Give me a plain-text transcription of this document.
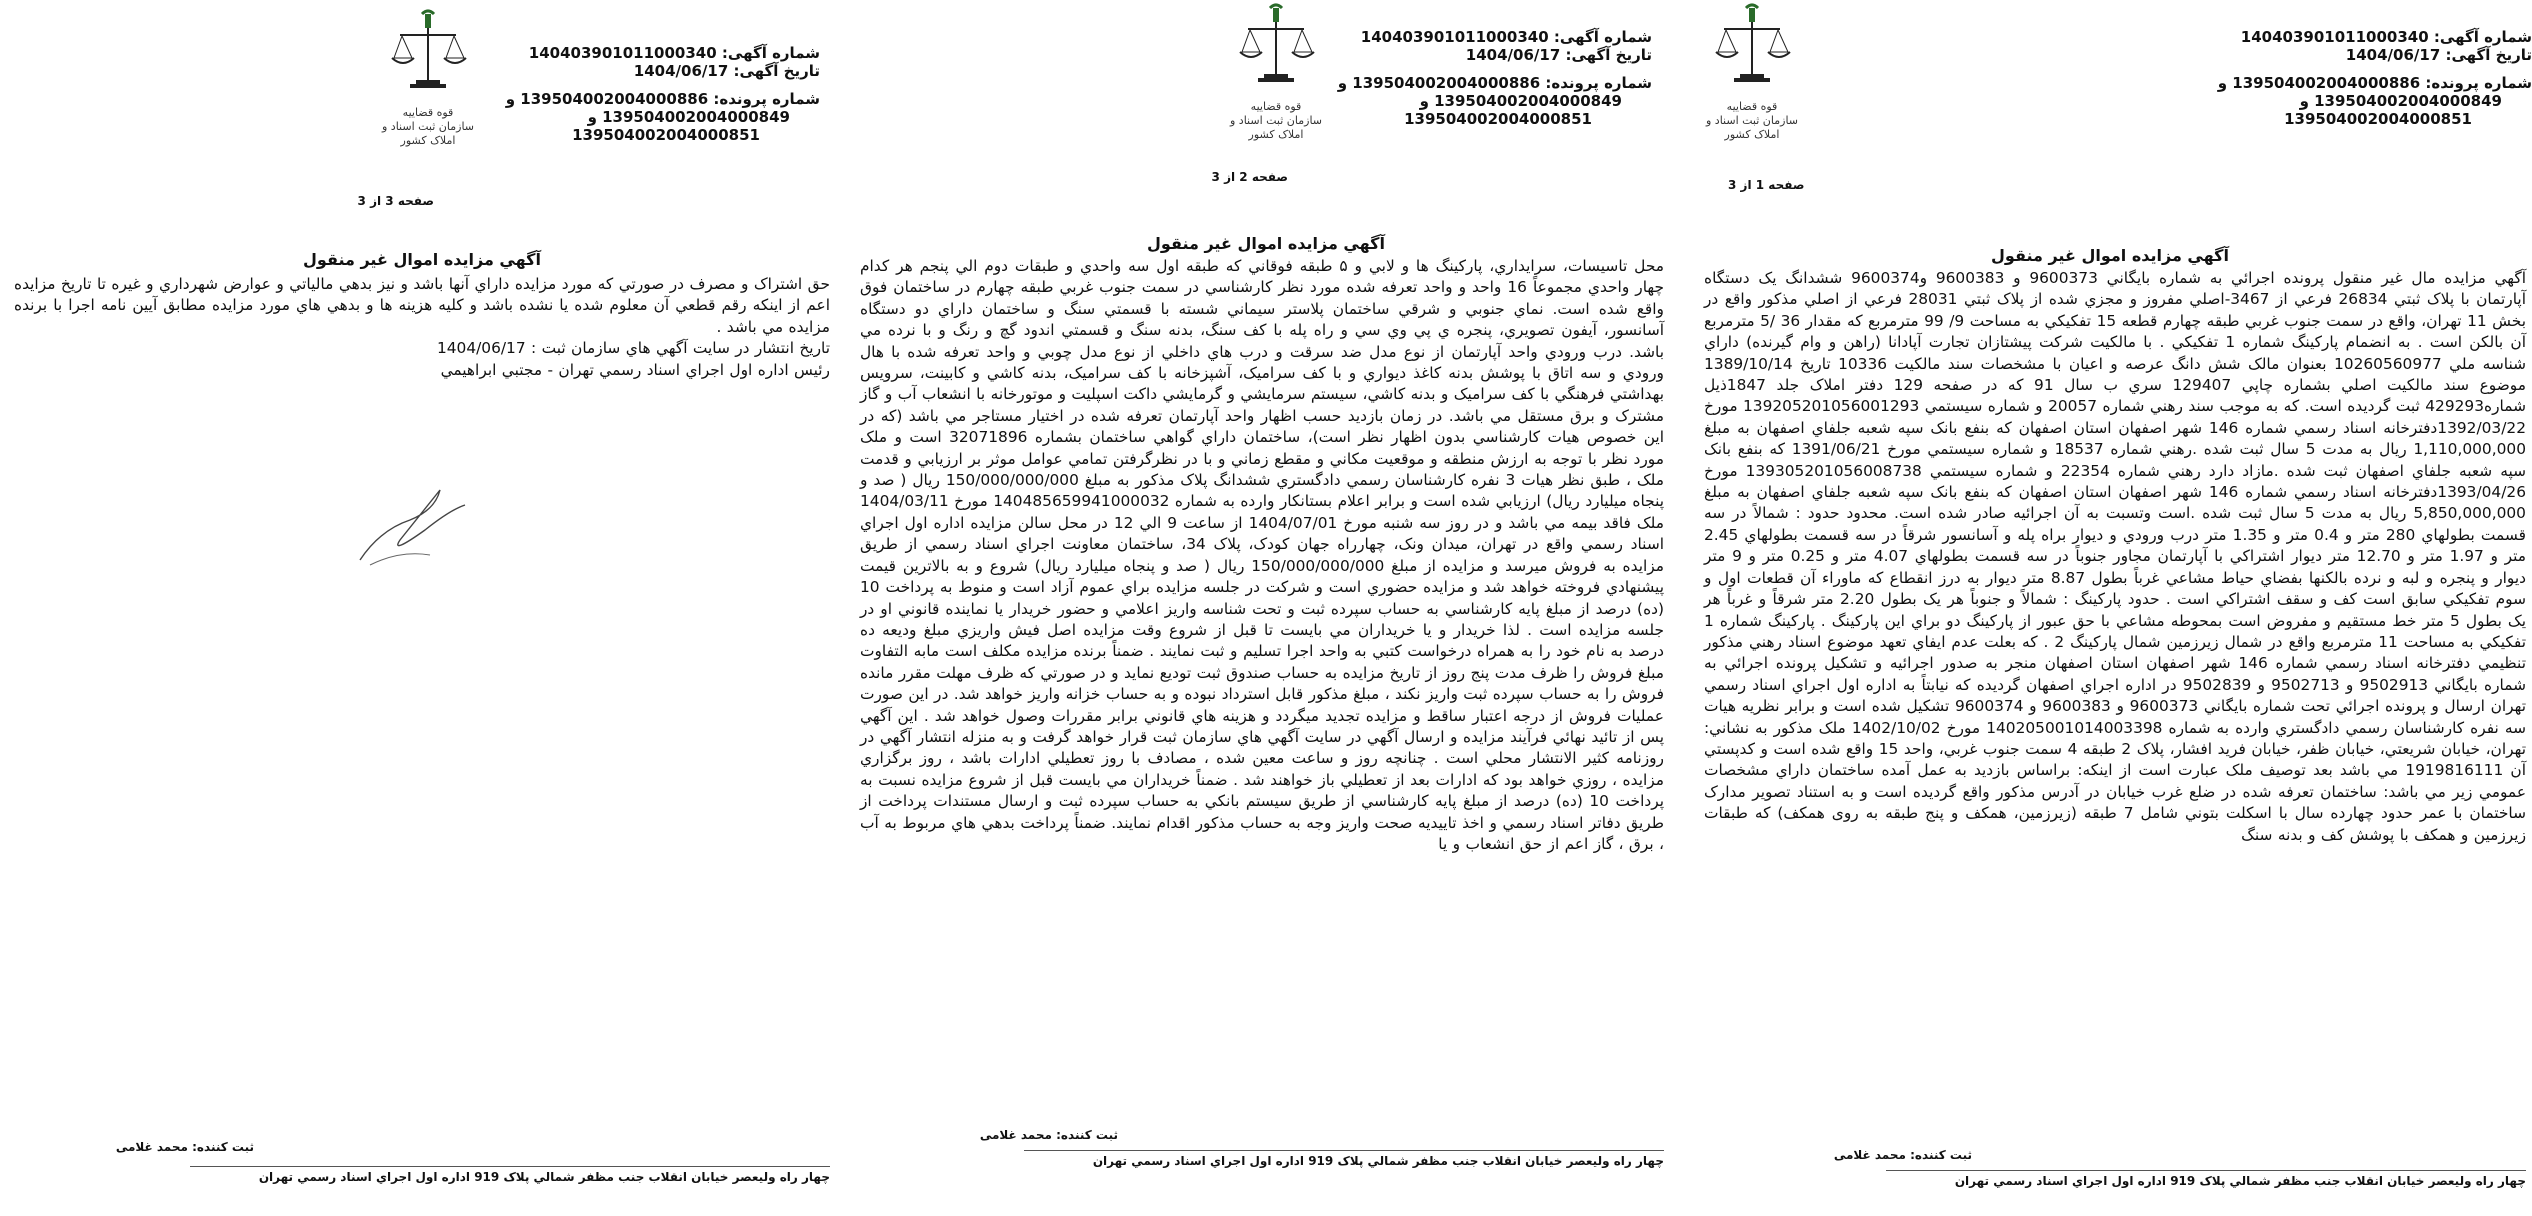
شماره آگهی: 140403901011000340
تاریخ آگهی: 1404/06/17
شماره پرونده: 139504002004000886 و
139504002004000849 و
139504002004000851
قوه قضاییه
سازمان ثبت اسناد و املاک کشور
صفحه 3 از 3
آگهي مزايده اموال غير منقول
حق اشتراک و مصرف در صورتي که مورد مزايده داراي آنها باشد و نيز بدهي مالياتي و عوارض شهرداري و غيره تا تاريخ مزايده اعم از اينکه رقم قطعي آن معلوم شده يا نشده باشد و کليه هزينه ها و بدهي هاي مورد مزايده مطابق آيين نامه اجرا با برنده مزايده مي باشد .
تاريخ انتشار در سايت آگهي هاي سازمان ثبت : 1404/06/17
رئيس اداره اول اجراي اسناد رسمي تهران - مجتبي ابراهيمي
ثبت کننده: محمد غلامی
چهار راه وليعصر خيابان انقلاب جنب مظفر شمالي پلاک 919 اداره اول اجراي اسناد رسمي تهران
شماره آگهی: 140403901011000340
تاریخ آگهی: 1404/06/17
شماره پرونده: 139504002004000886 و
139504002004000849 و
139504002004000851
قوه قضاییه
سازمان ثبت اسناد و املاک کشور
صفحه 2 از 3
آگهي مزايده اموال غير منقول
محل تاسيسات، سرايداري، پارکينگ ها و لابي و ۵ طبقه فوقاني که طبقه اول سه واحدي و طبقات دوم الي پنجم هر کدام چهار واحدي مجموعاً 16 واحد و واحد تعرفه شده مورد نظر کارشناسي در سمت جنوب غربي طبقه چهارم در ساختمان فوق واقع شده است. نماي جنوبي و شرقي ساختمان پلاستر سيماني شسته با قسمتي سنگ و ساختمان داراي دو دستگاه آسانسور، آيفون تصويري، پنجره ي پي وي سي و راه پله با کف سنگ، بدنه سنگ و قسمتي اندود گچ و رنگ و با نرده مي باشد. درب ورودي واحد آپارتمان از نوع مدل ضد سرقت و درب هاي داخلي از نوع مدل چوبي و واحد تعرفه شده با هال ورودي و سه اتاق با پوشش بدنه کاغذ ديواري و با کف سراميک، آشپزخانه با کف سراميک، بدنه کاشي و کابينت، سرويس بهداشتي فرهنگي با کف سراميک و بدنه کاشي، سيستم سرمايشي و گرمايشي داکت اسپليت و موتورخانه با انشعاب آب و گاز مشترک و برق مستقل مي باشد. در زمان بازديد حسب اظهار واحد آپارتمان تعرفه شده در اختيار مستاجر مي باشد (که در اين خصوص هيات کارشناسي بدون اظهار نظر است)، ساختمان داراي گواهي ساختمان بشماره 32071896 است و ملک مورد نظر با توجه به ارزش منطقه و موقعيت مکاني و مقطع زماني و با در نظرگرفتن تمامي عوامل موثر بر ارزيابي و قدمت ملک ، طبق نظر هيات 3 نفره کارشناسان رسمي دادگستري ششدانگ پلاک مذکور به مبلغ 150/000/000/000 ريال ( صد و پنجاه ميليارد ريال) ارزيابي شده است و برابر اعلام بستانکار وارده به شماره 140485659941000032 مورخ 1404/03/11 ملک فاقد بيمه مي باشد و در روز سه شنبه مورخ 1404/07/01 از ساعت 9 الي 12 در محل سالن مزايده اداره اول اجراي اسناد رسمي واقع در تهران، ميدان ونک، چهارراه جهان کودک، پلاک 34، ساختمان معاونت اجراي اسناد رسمي از طريق مزايده به فروش ميرسد و مزايده از مبلغ 150/000/000/000 ريال ( صد و پنجاه ميليارد ريال) شروع و به بالاترين قيمت پيشنهادي فروخته خواهد شد و مزايده حضوري است و شرکت در جلسه مزايده براي عموم آزاد است و منوط به پرداخت 10 (ده) درصد از مبلغ پايه کارشناسي به حساب سپرده ثبت و تحت شناسه واريز اعلامي و حضور خريدار يا نماينده قانوني او در جلسه مزايده است . لذا خريدار و يا خريداران مي بايست تا قبل از شروع وقت مزايده اصل فيش واريزي مبلغ وديعه ده درصد به نام خود را به همراه درخواست کتبي به واحد اجرا تسليم و ثبت نمايند . ضمناً برنده مزايده مکلف است مابه التفاوت مبلغ فروش را ظرف مدت پنج روز از تاريخ مزايده به حساب صندوق ثبت توديع نمايد و در صورتي که ظرف مهلت مقرر مانده فروش را به حساب سپرده ثبت واريز نکند ، مبلغ مذکور قابل استرداد نبوده و به حساب خزانه واريز خواهد شد. در اين صورت عمليات فروش از درجه اعتبار ساقط و مزايده تجديد ميگردد و هزينه هاي قانوني برابر مقررات وصول خواهد شد . اين آگهي پس از تائيد نهائي فرآيند مزايده و ارسال آگهي در سايت آگهي هاي سازمان ثبت قرار خواهد گرفت و به منزله انتشار آگهي در روزنامه کثير الانتشار محلي است . چنانچه روز و ساعت معين شده ، مصادف با روز تعطيلي ادارات باشد ، روز برگزاري مزايده ، روزي خواهد بود که ادارات بعد از تعطيلي باز خواهند شد . ضمناً خريداران مي بايست قبل از شروع مزايده نسبت به پرداخت 10 (ده) درصد از مبلغ پايه کارشناسي از طريق سيستم بانکي به حساب سپرده ثبت و ارسال مستندات پرداخت از طريق دفاتر اسناد رسمي و اخذ تاييديه صحت واريز وجه به حساب مذکور اقدام نمايند. ضمناً پرداخت بدهي هاي مربوط به آب ، برق ، گاز اعم از حق انشعاب و يا
ثبت کننده: محمد غلامی
چهار راه وليعصر خيابان انقلاب جنب مظفر شمالي پلاک 919 اداره اول اجراي اسناد رسمي تهران
شماره آگهی: 140403901011000340
تاریخ آگهی: 1404/06/17
شماره پرونده: 139504002004000886 و
139504002004000849 و
139504002004000851
قوه قضاییه
سازمان ثبت اسناد و املاک کشور
صفحه 1 از 3
آگهي مزايده اموال غير منقول
آگهي مزايده مال غير منقول پرونده اجرائي به شماره بايگاني 9600373 و 9600383 و9600374 ششدانگ يک دستگاه آپارتمان با پلاک ثبتي 26834 فرعي از 3467-اصلي مفروز و مجزي شده از پلاک ثبتي 28031 فرعي از اصلي مذکور واقع در بخش 11 تهران، واقع در سمت جنوب غربي طبقه چهارم قطعه 15 تفکيکي به مساحت 9/ 99 مترمربع که مقدار 36 /5 مترمربع آن بالکن است . به انضمام پارکينگ شماره 1 تفکيکي . با مالکيت شرکت پيشتازان تجارت آپادانا (راهن و وام گيرنده) داراي شناسه ملي 10260560977 بعنوان مالک شش دانگ عرصه و اعيان با مشخصات سند مالکيت 10336 تاريخ 1389/10/14 موضوع سند مالکيت اصلي بشماره چاپي 129407 سري ب سال 91 که در صفحه 129 دفتر املاک جلد 1847ذيل شماره429293 ثبت گرديده است. که به موجب سند رهني شماره 20057 و شماره سيستمي 139205201056001293 مورخ 1392/03/22دفترخانه اسناد رسمي شماره 146 شهر اصفهان استان اصفهان که بنفع بانک سپه شعبه جلفاي اصفهان به مبلغ 1,110,000,000 ريال به مدت 5 سال ثبت شده .رهني شماره 18537 و شماره سيستمي مورخ 1391/06/21 که بنفع بانک سپه شعبه جلفاي اصفهان ثبت شده .مازاد دارد رهني شماره 22354 و شماره سيستمي 139305201056008738 مورخ 1393/04/26دفترخانه اسناد رسمي شماره 146 شهر اصفهان استان اصفهان که بنفع بانک سپه شعبه جلفاي اصفهان به مبلغ 5,850,000,000 ريال به مدت 5 سال ثبت شده .است وتسبت به آن اجرائيه صادر شده است. محدود حدود : شمالاً در سه قسمت بطولهاي 280 متر و 0.4 متر و 1.35 متر درب ورودي و ديوار براه پله و آسانسور شرقاً در سه قسمت بطولهاي 2.45 متر و 1.97 متر و 12.70 متر ديوار اشتراکي با آپارتمان مجاور جنوباً در سه قسمت بطولهاي 4.07 متر و 0.25 متر و 9 متر ديوار و پنجره و لبه و نرده بالکنها بفضاي حياط مشاعي غرباً بطول 8.87 متر ديوار به درز انقطاع که ماوراء آن قطعات اول و سوم تفکيکي سابق است کف و سقف اشتراکي است . حدود پارکينگ : شمالاً و جنوباً هر يک بطول 2.20 متر شرقاً و غرباً هر يک بطول 5 متر خط مستقيم و مفروض است بمحوطه مشاعي با حق عبور از پارکينگ دو براي اين پارکينگ . پارکينگ شماره 1 تفکيکي به مساحت 11 مترمربع واقع در شمال زيرزمين شمال پارکينگ 2 . که بعلت عدم ايفاي تعهد موضوع اسناد رهني مذکور تنظيمي دفترخانه اسناد رسمي شماره 146 شهر اصفهان استان اصفهان منجر به صدور اجرائيه و تشکيل پرونده اجرائي به شماره بايگاني 9502913 و 9502713 و 9502839 در اداره اجراي اصفهان گرديده که نيابتاً به اداره اول اجراي اسناد رسمي تهران ارسال و پرونده اجرائي تحت شماره بايگاني 9600373 و 9600383 و 9600374 تشکيل شده است و برابر نظريه هيات سه نفره کارشناسان رسمي دادگستري وارده به شماره 140205001014003398 مورخ 1402/10/02 ملک مذکور به نشاني: تهران، خيابان شريعتي، خيابان ظفر، خيابان فريد افشار، پلاک 2 طبقه 4 سمت جنوب غربي، واحد 15 واقع شده است و کدپستي آن 1919816111 مي باشد بعد توصيف ملک عبارت است از اينکه: براساس بازديد به عمل آمده ساختمان داراي مشخصات عمومي زير مي باشد: ساختمان تعرفه شده در ضلع غرب خيابان در آدرس مذکور واقع گرديده است و به استناد تصوير مدارک ساختمان با عمر حدود چهارده سال با اسکلت بتوني شامل 7 طبقه (زيرزمين، همکف و پنج طبقه به روی همکف) که طبقات زيرزمين و همکف با پوشش کف و بدنه سنگ
ثبت کننده: محمد غلامی
چهار راه وليعصر خيابان انقلاب جنب مظفر شمالي پلاک 919 اداره اول اجراي اسناد رسمي تهران
